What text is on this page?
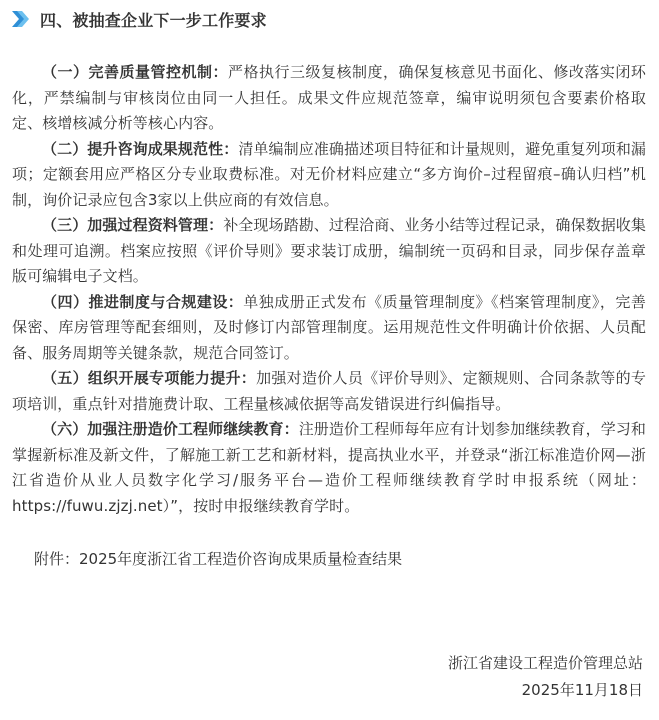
四、被抽查企业下一步工作要求

（一）完善质量管控机制：严格执行三级复核制度，确保复核意见书面化、修改落实闭环化，严禁编制与审核岗位由同一人担任。成果文件应规范签章，编审说明须包含要素价格取定、核增核减分析等核心内容。

（二）提升咨询成果规范性：清单编制应准确描述项目特征和计量规则，避免重复列项和漏项；定额套用应严格区分专业取费标准。对无价材料应建立“多方询价–过程留痕–确认归档”机制，询价记录应包含3家以上供应商的有效信息。

（三）加强过程资料管理：补全现场踏勘、过程洽商、业务小结等过程记录，确保数据收集和处理可追溯。档案应按照《评价导则》要求装订成册，编制统一页码和目录，同步保存盖章版可编辑电子文档。

（四）推进制度与合规建设：单独成册正式发布《质量管理制度》《档案管理制度》，完善保密、库房管理等配套细则，及时修订内部管理制度。运用规范性文件明确计价依据、人员配备、服务周期等关键条款，规范合同签订。

（五）组织开展专项能力提升：加强对造价人员《评价导则》、定额规则、合同条款等的专项培训，重点针对措施费计取、工程量核减依据等高发错误进行纠偏指导。

（六）加强注册造价工程师继续教育：注册造价工程师每年应有计划参加继续教育，学习和掌握新标准及新文件，了解施工新工艺和新材料，提高执业水平，并登录“浙江标准造价网—浙江省造价从业人员数字化学习/服务平台—造价工程师继续教育学时申报系统（网址：https://fuwu.zjzj.net）”，按时申报继续教育学时。

附件：2025年度浙江省工程造价咨询成果质量检查结果

浙江省建设工程造价管理总站
2025年11月18日
